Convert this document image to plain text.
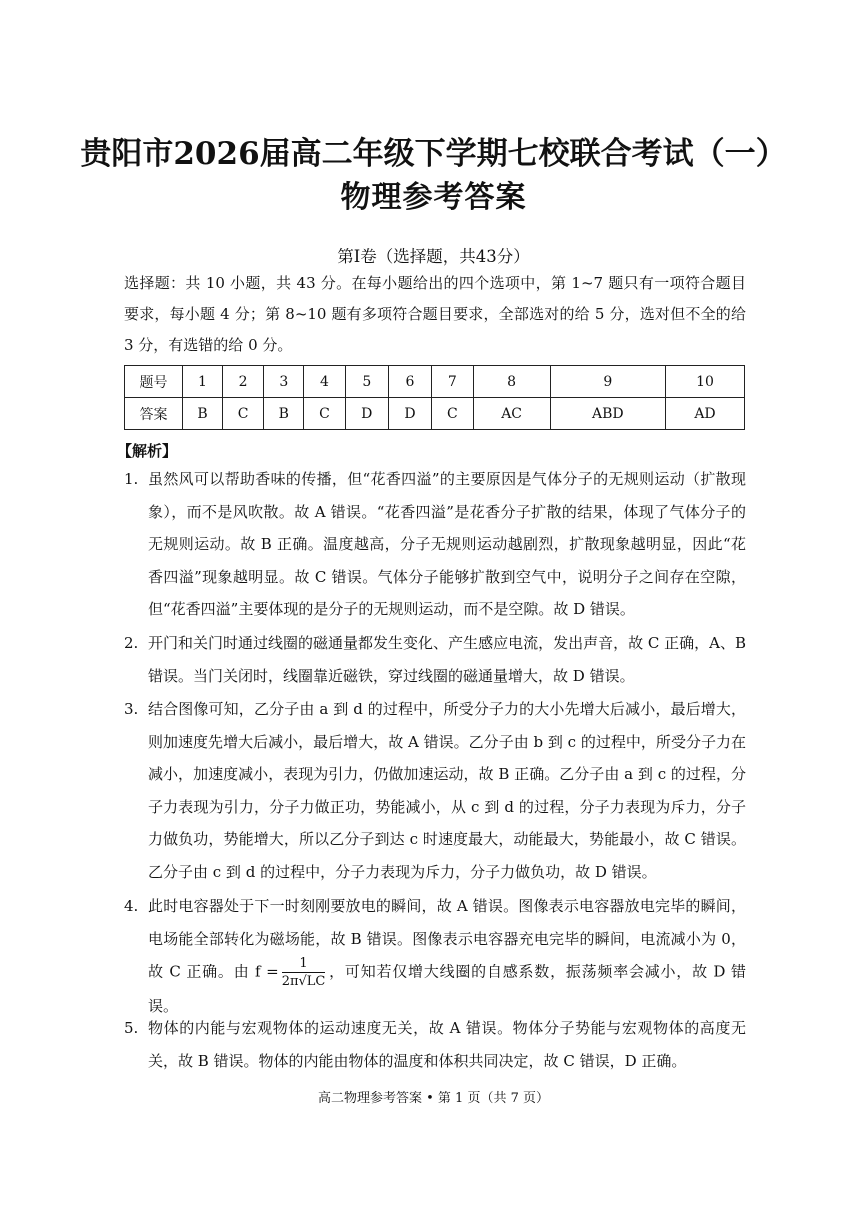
贵阳市2026届高二年级下学期七校联合考试（一）
物理参考答案
第Ⅰ卷（选择题，共43分）
选择题：共 10 小题，共 43 分。在每小题给出的四个选项中，第 1~7 题只有一项符合题目要求，每小题 4 分；第 8~10 题有多项符合题目要求，全部选对的给 5 分，选对但不全的给 3 分，有选错的给 0 分。
题号	1	2	3	4	5	6	7	8	9	10
答案	B	C	B	C	D	D	C	AC	ABD	AD
【解析】
1. 虽然风可以帮助香味的传播，但“花香四溢”的主要原因是气体分子的无规则运动（扩散现象），而不是风吹散。故 A 错误。“花香四溢”是花香分子扩散的结果，体现了气体分子的无规则运动。故 B 正确。温度越高，分子无规则运动越剧烈，扩散现象越明显，因此“花香四溢”现象越明显。故 C 错误。气体分子能够扩散到空气中，说明分子之间存在空隙，但“花香四溢”主要体现的是分子的无规则运动，而不是空隙。故 D 错误。
2. 开门和关门时通过线圈的磁通量都发生变化、产生感应电流，发出声音，故 C 正确，A、B 错误。当门关闭时，线圈靠近磁铁，穿过线圈的磁通量增大，故 D 错误。
3. 结合图像可知，乙分子由 a 到 d 的过程中，所受分子力的大小先增大后减小，最后增大，则加速度先增大后减小，最后增大，故 A 错误。乙分子由 b 到 c 的过程中，所受分子力在减小，加速度减小，表现为引力，仍做加速运动，故 B 正确。乙分子由 a 到 c 的过程，分子力表现为引力，分子力做正功，势能减小，从 c 到 d 的过程，分子力表现为斥力，分子力做负功，势能增大，所以乙分子到达 c 时速度最大，动能最大，势能最小，故 C 错误。乙分子由 c 到 d 的过程中，分子力表现为斥力，分子力做负功，故 D 错误。
4. 此时电容器处于下一时刻刚要放电的瞬间，故 A 错误。图像表示电容器放电完毕的瞬间，电场能全部转化为磁场能，故 B 错误。图像表示电容器充电完毕的瞬间，电流减小为 0，故 C 正确。由 $f = \frac{1}{2\pi√LC}$ ，可知若仅增大线圈的自感系数，振荡频率会减小，故 D 错误。
5. 物体的内能与宏观物体的运动速度无关，故 A 错误。物体分子势能与宏观物体的高度无关，故 B 错误。物体的内能由物体的温度和体积共同决定，故 C 错误，D 正确。
高二物理参考答案 • 第 1 页（共 7 页）
